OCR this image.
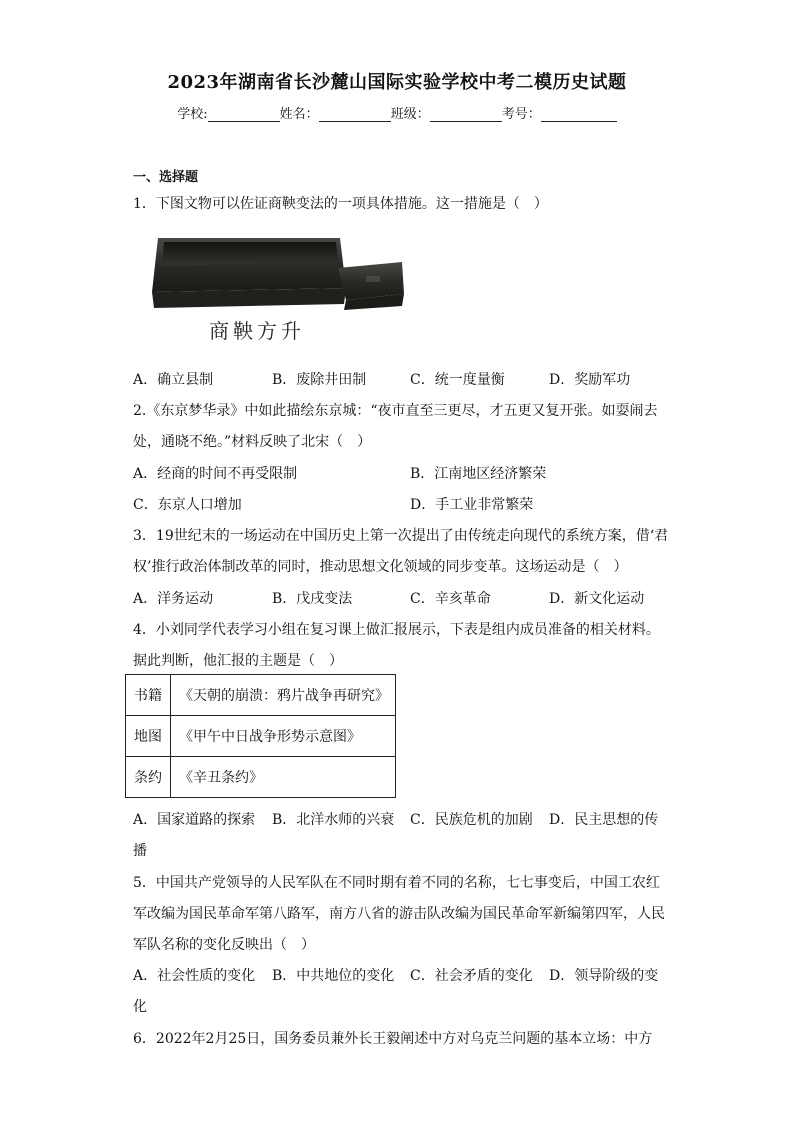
2023年湖南省长沙麓山国际实验学校中考二模历史试题
学校:	姓名：	班级：	考号：
一、选择题
1．下图文物可以佐证商鞅变法的一项具体措施。这一措施是（　）
商鞅方升
A．确立县制	B．废除井田制	C．统一度量衡	D．奖励军功
2.《东京梦华录》中如此描绘东京城：“夜市直至三更尽，才五更又复开张。如耍闹去
处，通晓不绝。”材料反映了北宋（　）
A．经商的时间不再受限制	B．江南地区经济繁荣
C．东京人口增加	D．手工业非常繁荣
3．19世纪末的一场运动在中国历史上第一次提出了由传统走向现代的系统方案，借‘君
权’推行政治体制改革的同时，推动思想文化领域的同步变革。这场运动是（　）
A．洋务运动	B．戊戌变法	C．辛亥革命	D．新文化运动
4．小刘同学代表学习小组在复习课上做汇报展示，下表是组内成员准备的相关材料。
据此判断，他汇报的主题是（　）
书籍	《天朝的崩溃：鸦片战争再研究》
地图	《甲午中日战争形势示意图》
条约	《辛丑条约》
A．国家道路的探索 B．北洋水师的兴衰 C．民族危机的加剧 D．民主思想的传
播
5．中国共产党领导的人民军队在不同时期有着不同的名称，七七事变后，中国工农红
军改编为国民革命军第八路军，南方八省的游击队改编为国民革命军新编第四军，人民
军队名称的变化反映出（　）
A．社会性质的变化 B．中共地位的变化 C．社会矛盾的变化 D．领导阶级的变
化
6．2022年2月25日，国务委员兼外长王毅阐述中方对乌克兰问题的基本立场：中方
